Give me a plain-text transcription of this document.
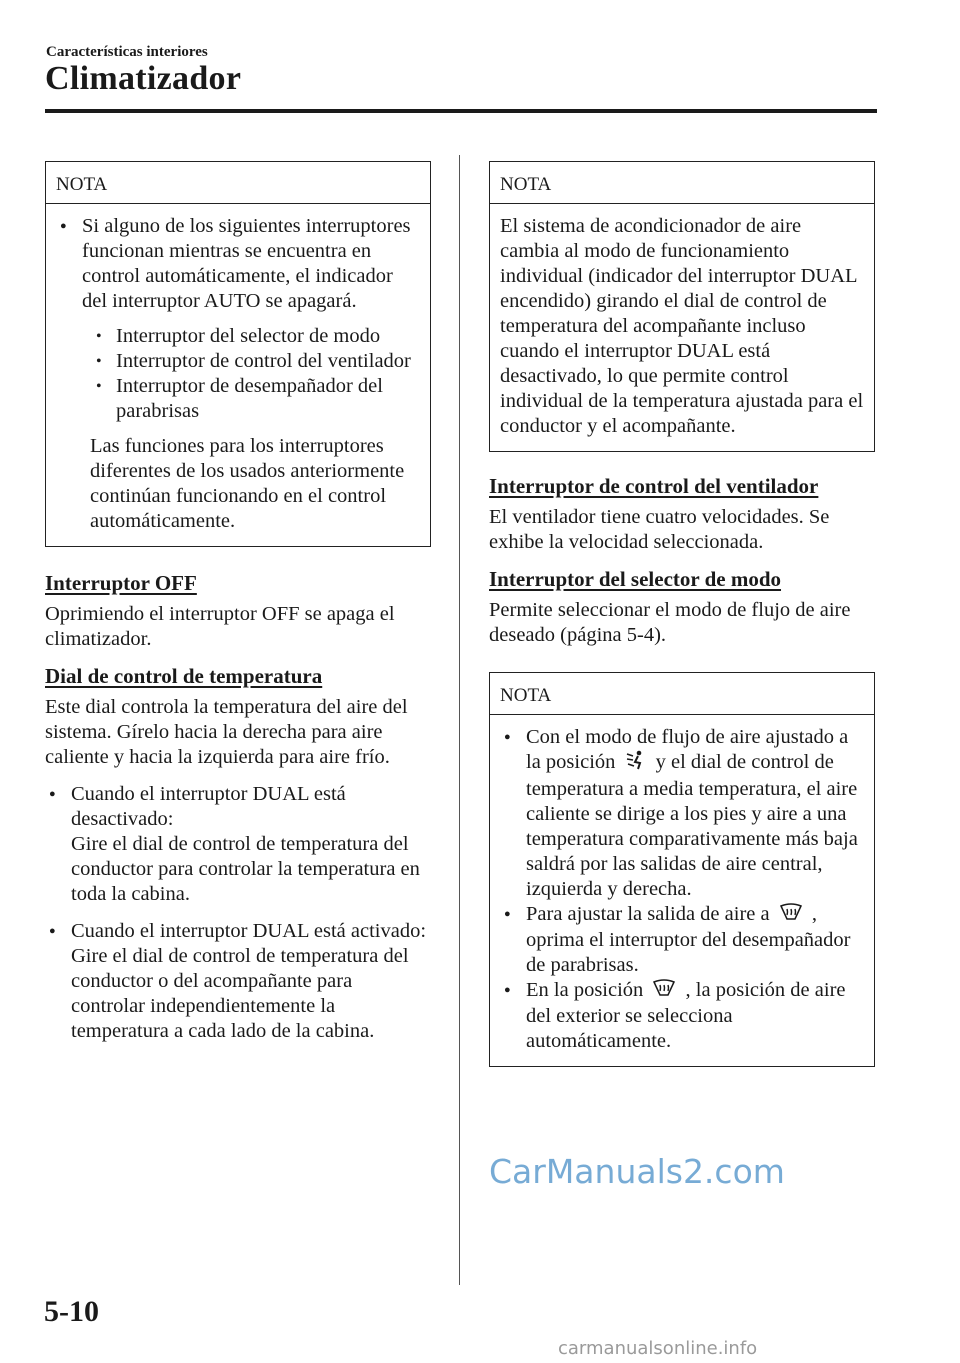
Características interiores
Climatizador
NOTA

● Si alguno de los siguientes interruptores funcionan mientras se encuentra en control automáticamente, el indicador del interruptor AUTO se apagará.

• Interruptor del selector de modo

• Interruptor de control del ventilador

• Interruptor de desempañador del parabrisas

Las funciones para los interruptores diferentes de los usados anteriormente continúan funcionando en el control automáticamente.

Interruptor OFF

Oprimiendo el interruptor OFF se apaga el climatizador.

Dial de control de temperatura

Este dial controla la temperatura del aire del sistema. Gírelo hacia la derecha para aire caliente y hacia la izquierda para aire frío.

● Cuando el interruptor DUAL está desactivado:
Gire el dial de control de temperatura del conductor para controlar la temperatura en toda la cabina.
● Cuando el interruptor DUAL está activado:
Gire el dial de control de temperatura del conductor o del acompañante para controlar independientemente la temperatura a cada lado de la cabina.
NOTA

El sistema de acondicionador de aire cambia al modo de funcionamiento individual (indicador del interruptor DUAL encendido) girando el dial de control de temperatura del acompañante incluso cuando el interruptor DUAL está desactivado, lo que permite control individual de la temperatura ajustada para el conductor y el acompañante.

Interruptor de control del ventilador

El ventilador tiene cuatro velocidades. Se exhibe la velocidad seleccionada.

Interruptor del selector de modo

Permite seleccionar el modo de flujo de aire deseado (página 5-4).

NOTA

● Con el modo de flujo de aire ajustado a la posición y el dial de control de temperatura a media temperatura, el aire caliente se dirige a los pies y aire a una temperatura comparativamente más baja saldrá por las salidas de aire central, izquierda y derecha.

● Para ajustar la salida de aire a , oprima el interruptor del desempañador de parabrisas.

● En la posición , la posición de aire del exterior se selecciona automáticamente.

CarManuals2.com
5-10
carmanualsonline.info
